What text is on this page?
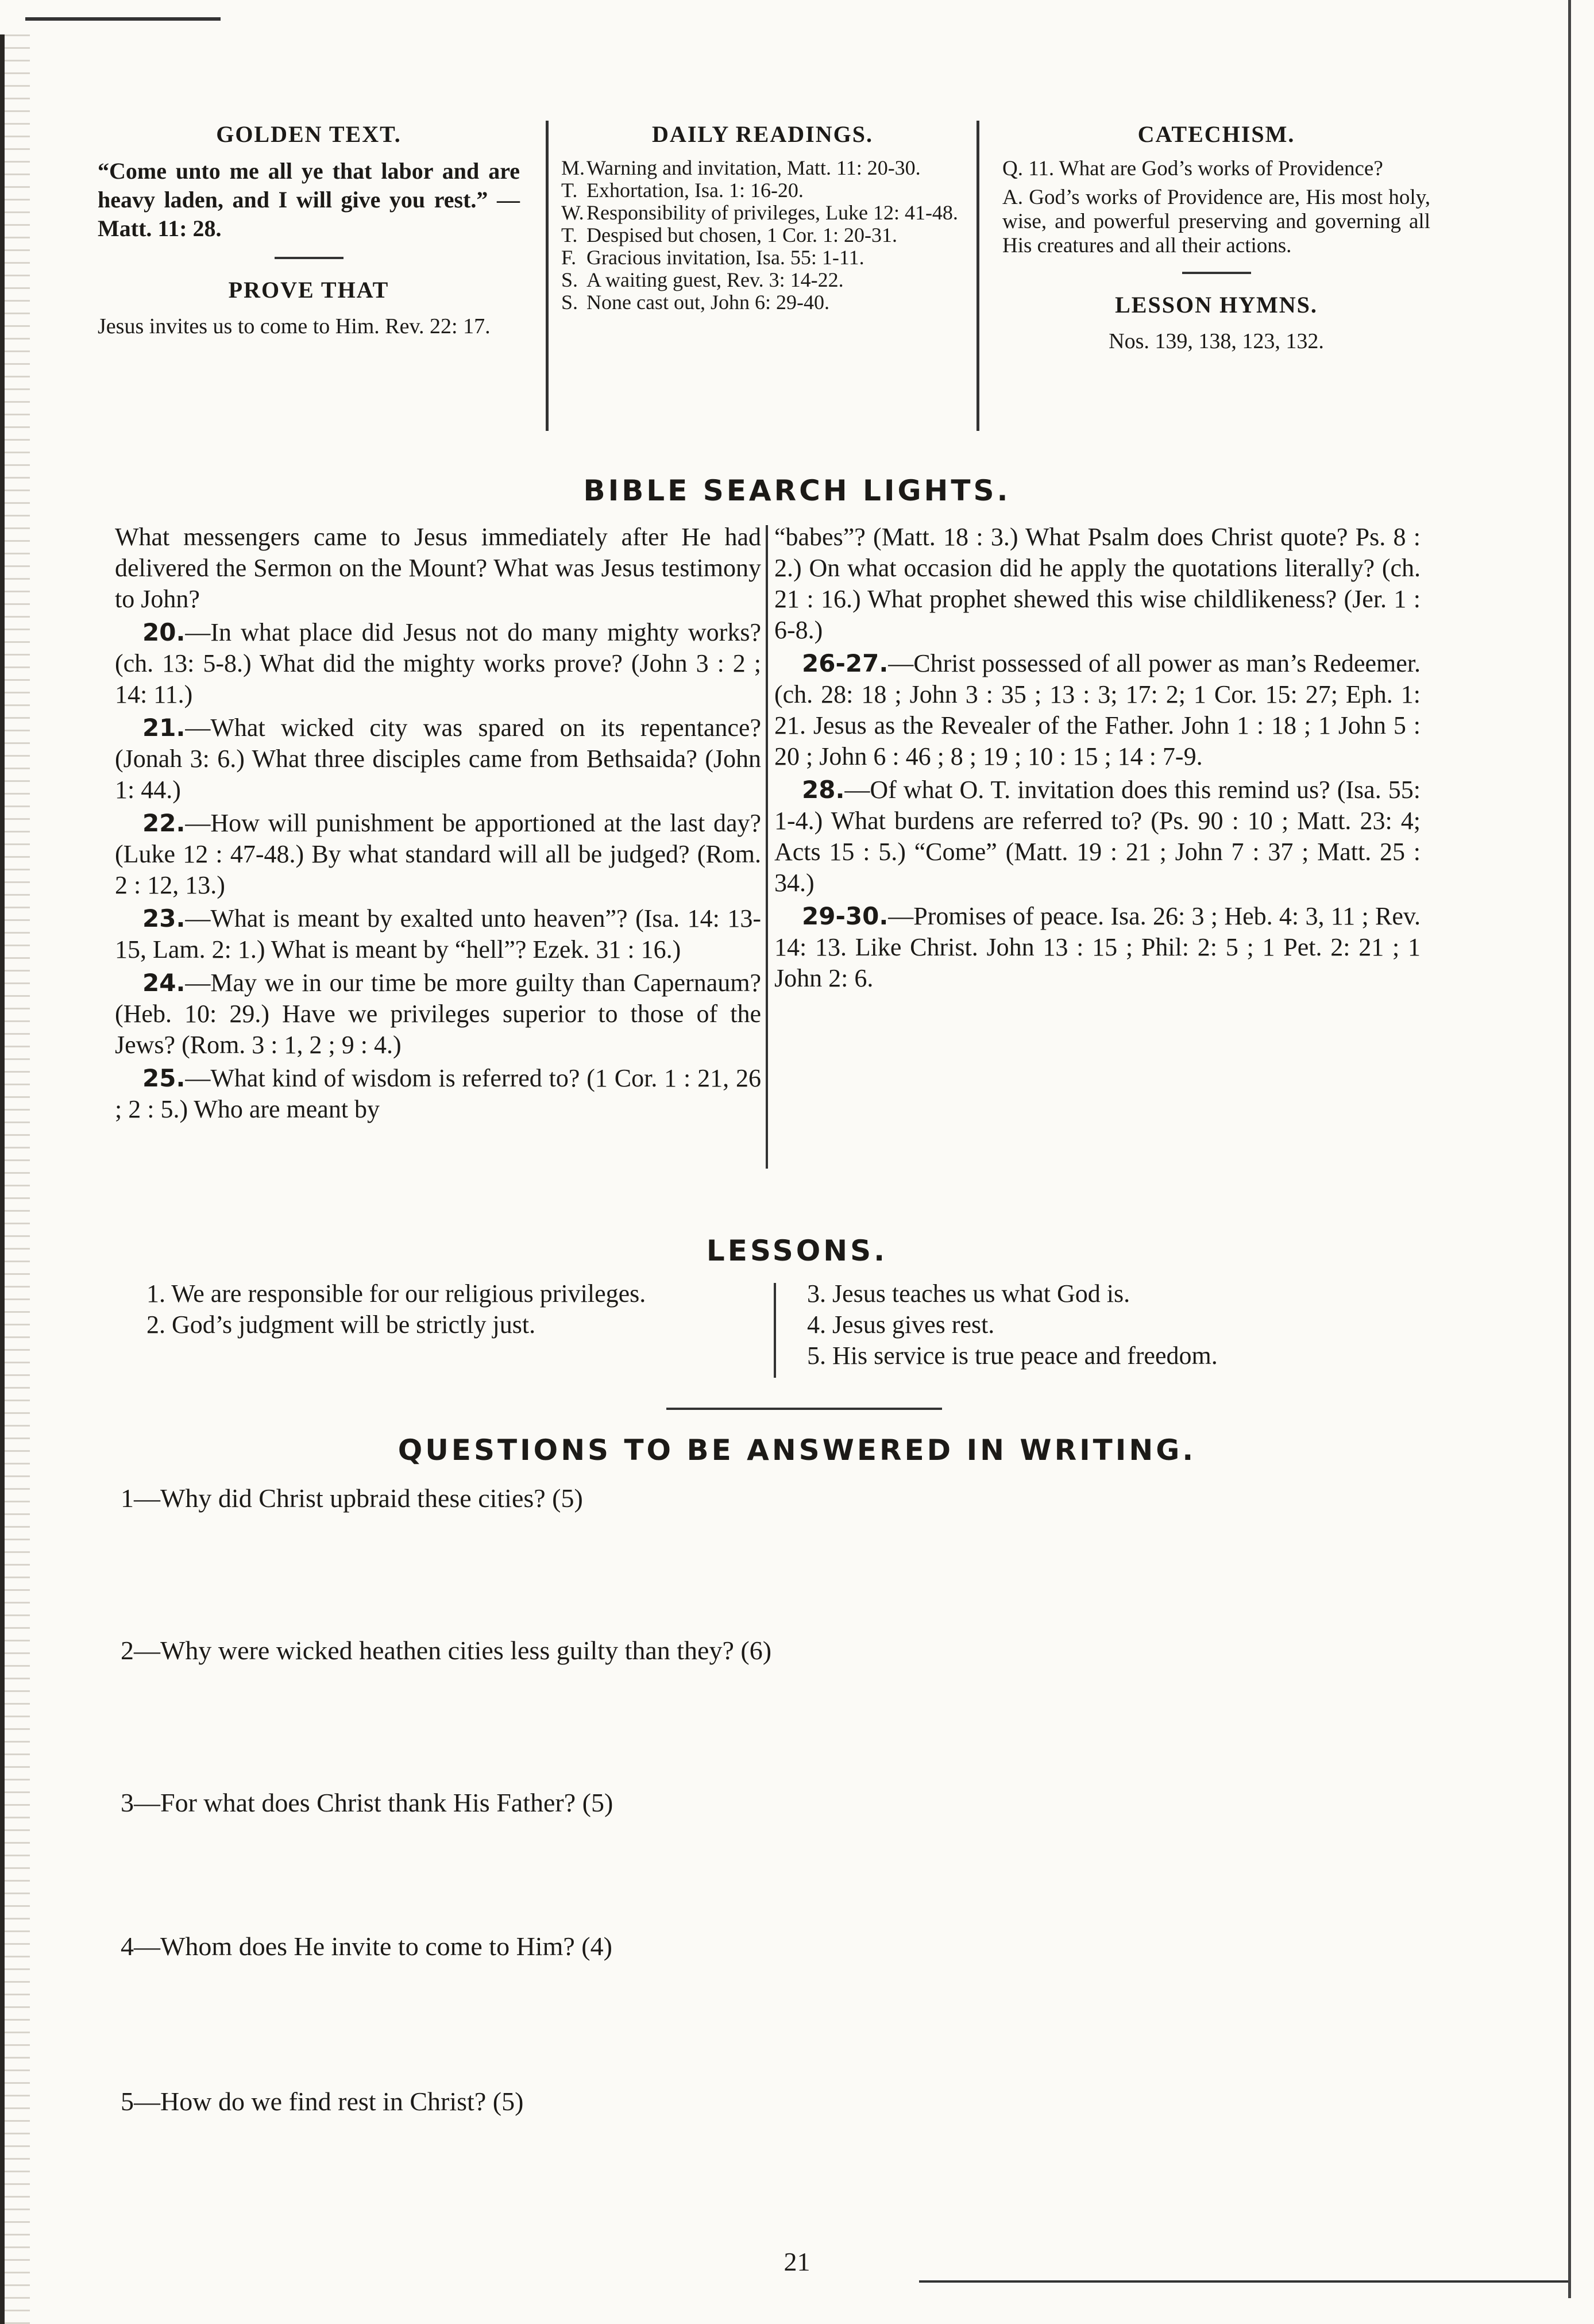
GOLDEN TEXT.

“Come unto me all ye that labor and are heavy laden, and I will give you rest.” — Matt. 11: 28.

PROVE THAT

Jesus invites us to come to Him. Rev. 22: 17.

DAILY READINGS.
M. Warning and invitation, Matt. 11: 20-30.
T. Exhortation, Isa. 1: 16-20.
W. Responsibility of privileges, Luke 12: 41-48.
T. Despised but chosen, 1 Cor. 1: 20-31.
F. Gracious invitation, Isa. 55: 1-11.
S. A waiting guest, Rev. 3: 14-22.
S. None cast out, John 6: 29-40.
CATECHISM.

Q. 11. What are God’s works of Providence?

A. God’s works of Providence are, His most holy, wise, and powerful preserving and governing all His creatures and all their actions.

LESSON HYMNS.

Nos. 139, 138, 123, 132.

BIBLE SEARCH LIGHTS.

What messengers came to Jesus immediately after He had delivered the Sermon on the Mount? What was Jesus testimony to John?

20.—In what place did Jesus not do many mighty works? (ch. 13: 5-8.) What did the mighty works prove? (John 3 : 2 ; 14: 11.)

21.—What wicked city was spared on its repentance? (Jonah 3: 6.) What three disciples came from Bethsaida? (John 1: 44.)

22.—How will punishment be apportioned at the last day? (Luke 12 : 47-48.) By what standard will all be judged? (Rom. 2 : 12, 13.)

23.—What is meant by exalted unto heaven”? (Isa. 14: 13-15, Lam. 2: 1.) What is meant by “hell”? Ezek. 31 : 16.)

24.—May we in our time be more guilty than Capernaum? (Heb. 10: 29.) Have we privileges superior to those of the Jews? (Rom. 3 : 1, 2 ; 9 : 4.)

25.—What kind of wisdom is referred to? (1 Cor. 1 : 21, 26 ; 2 : 5.) Who are meant by

“babes”? (Matt. 18 : 3.) What Psalm does Christ quote? Ps. 8 : 2.) On what occasion did he apply the quotations literally? (ch. 21 : 16.) What prophet shewed this wise childlikeness? (Jer. 1 : 6-8.)

26-27.—Christ possessed of all power as man’s Redeemer. (ch. 28: 18 ; John 3 : 35 ; 13 : 3; 17: 2; 1 Cor. 15: 27; Eph. 1: 21. Jesus as the Revealer of the Father. John 1 : 18 ; 1 John 5 : 20 ; John 6 : 46 ; 8 ; 19 ; 10 : 15 ; 14 : 7-9.

28.—Of what O. T. invitation does this remind us? (Isa. 55: 1-4.) What burdens are referred to? (Ps. 90 : 10 ; Matt. 23: 4; Acts 15 : 5.) “Come” (Matt. 19 : 21 ; John 7 : 37 ; Matt. 25 : 34.)

29-30.—Promises of peace. Isa. 26: 3 ; Heb. 4: 3, 11 ; Rev. 14: 13. Like Christ. John 13 : 15 ; Phil: 2: 5 ; 1 Pet. 2: 21 ; 1 John 2: 6.

LESSONS.

1. We are responsible for our religious privileges.

2. God’s judgment will be strictly just.

3. Jesus teaches us what God is.

4. Jesus gives rest.

5. His service is true peace and freedom.

QUESTIONS TO BE ANSWERED IN WRITING.

1—Why did Christ upbraid these cities? (5)

2—Why were wicked heathen cities less guilty than they? (6)

3—For what does Christ thank His Father? (5)

4—Whom does He invite to come to Him? (4)

5—How do we find rest in Christ? (5)

21
